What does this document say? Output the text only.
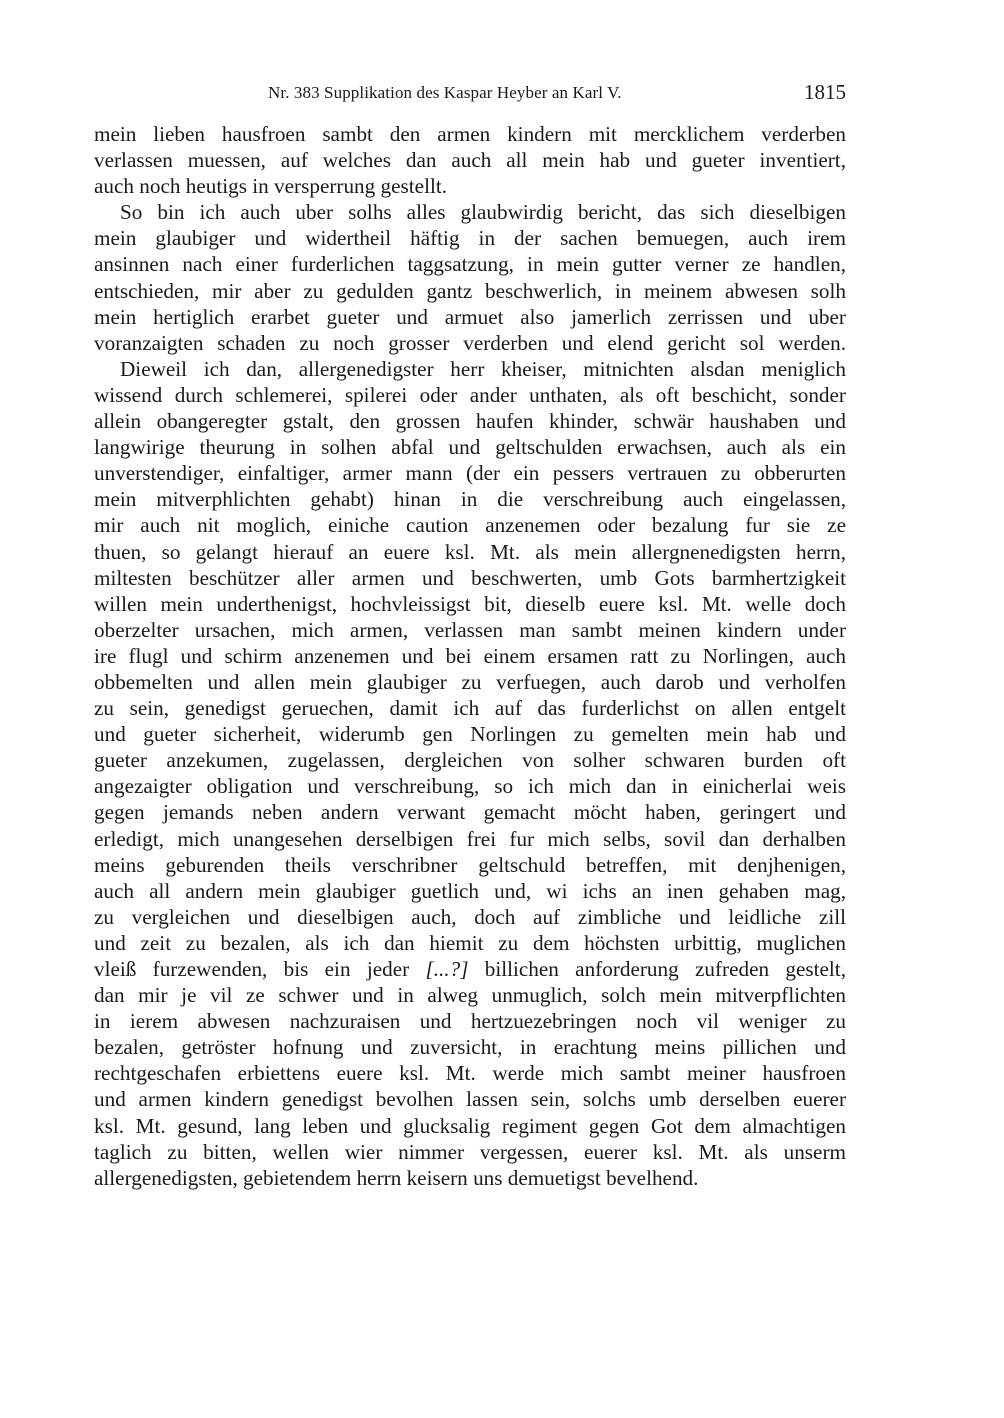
Nr. 383 Supplikation des Kaspar Heyber an Karl V.	1815
mein lieben hausfroen sambt den armen kindern mit mercklichem verderben
verlassen muessen, auf welches dan auch all mein hab und gueter inventiert,
auch noch heutigs in versperrung gestellt.
So bin ich auch uber solhs alles glaubwirdig bericht, das sich dieselbigen
mein glaubiger und widertheil häftig in der sachen bemuegen, auch irem
ansinnen nach einer furderlichen taggsatzung, in mein gutter verner ze handlen,
entschieden, mir aber zu gedulden gantz beschwerlich, in meinem abwesen solh
mein hertiglich erarbet gueter und armuet also jamerlich zerrissen und uber
voranzaigten schaden zu noch grosser verderben und elend gericht sol werden.
Dieweil ich dan, allergenedigster herr kheiser, mitnichten alsdan meniglich
wissend durch schlemerei, spilerei oder ander unthaten, als oft beschicht, sonder
allein obangeregter gstalt, den grossen haufen khinder, schwär haushaben und
langwirige theurung in solhen abfal und geltschulden erwachsen, auch als ein
unverstendiger, einfaltiger, armer mann (der ein pessers vertrauen zu obberurten
mein mitverphlichten gehabt) hinan in die verschreibung auch eingelassen,
mir auch nit moglich, einiche caution anzenemen oder bezalung fur sie ze
thuen, so gelangt hierauf an euere ksl. Mt. als mein allergnenedigsten herrn,
miltesten beschützer aller armen und beschwerten, umb Gots barmhertzigkeit
willen mein underthenigst, hochvleissigst bit, dieselb euere ksl. Mt. welle doch
oberzelter ursachen, mich armen, verlassen man sambt meinen kindern under
ire flugl und schirm anzenemen und bei einem ersamen ratt zu Norlingen, auch
obbemelten und allen mein glaubiger zu verfuegen, auch darob und verholfen
zu sein, genedigst geruechen, damit ich auf das furderlichst on allen entgelt
und gueter sicherheit, widerumb gen Norlingen zu gemelten mein hab und
gueter anzekumen, zugelassen, dergleichen von solher schwaren burden oft
angezaigter obligation und verschreibung, so ich mich dan in einicherlai weis
gegen jemands neben andern verwant gemacht möcht haben, geringert und
erledigt, mich unangesehen derselbigen frei fur mich selbs, sovil dan derhalben
meins geburenden theils verschribner geltschuld betreffen, mit denjhenigen,
auch all andern mein glaubiger guetlich und, wi ichs an inen gehaben mag,
zu vergleichen und dieselbigen auch, doch auf zimbliche und leidliche zill
und zeit zu bezalen, als ich dan hiemit zu dem höchsten urbittig, muglichen
vleiß furzewenden, bis ein jeder [...?] billichen anforderung zufreden gestelt,
dan mir je vil ze schwer und in alweg unmuglich, solch mein mitverpflichten
in ierem abwesen nachzuraisen und hertzuezebringen noch vil weniger zu
bezalen, getröster hofnung und zuversicht, in erachtung meins pillichen und
rechtgeschafen erbiettens euere ksl. Mt. werde mich sambt meiner hausfroen
und armen kindern genedigst bevolhen lassen sein, solchs umb derselben euerer
ksl. Mt. gesund, lang leben und glucksalig regiment gegen Got dem almachtigen
taglich zu bitten, wellen wier nimmer vergessen, euerer ksl. Mt. als unserm
allergenedigsten, gebietendem herrn keisern uns demuetigst bevelhend.
